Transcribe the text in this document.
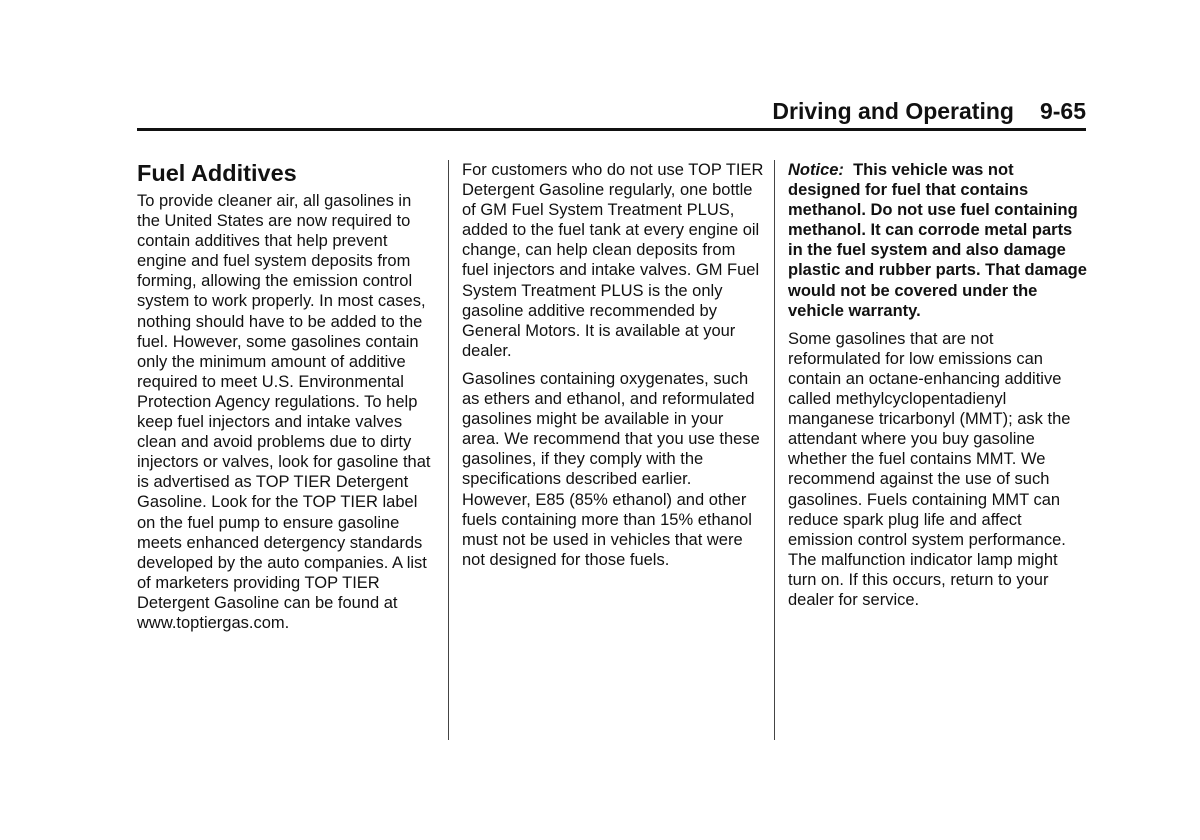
Driving and Operating 9-65
Fuel Additives

To provide cleaner air, all gasolines in the United States are now required to contain additives that help prevent engine and fuel system deposits from forming, allowing the emission control system to work properly. In most cases, nothing should have to be added to the fuel. However, some gasolines contain only the minimum amount of additive required to meet U.S. Environmental Protection Agency regulations. To help keep fuel injectors and intake valves clean and avoid problems due to dirty injectors or valves, look for gasoline that is advertised as TOP TIER Detergent Gasoline. Look for the TOP TIER label on the fuel pump to ensure gasoline meets enhanced detergency standards developed by the auto companies. A list of marketers providing TOP TIER Detergent Gasoline can be found at www.toptiergas.com.

For customers who do not use TOP TIER Detergent Gasoline regularly, one bottle of GM Fuel System Treatment PLUS, added to the fuel tank at every engine oil change, can help clean deposits from fuel injectors and intake valves. GM Fuel System Treatment PLUS is the only gasoline additive recommended by General Motors. It is available at your dealer.

Gasolines containing oxygenates, such as ethers and ethanol, and reformulated gasolines might be available in your area. We recommend that you use these gasolines, if they comply with the specifications described earlier. However, E85 (85% ethanol) and other fuels containing more than 15% ethanol must not be used in vehicles that were not designed for those fuels.

Notice: This vehicle was not designed for fuel that contains methanol. Do not use fuel containing methanol. It can corrode metal parts in the fuel system and also damage plastic and rubber parts. That damage would not be covered under the vehicle warranty.

Some gasolines that are not reformulated for low emissions can contain an octane-enhancing additive called methylcyclopentadienyl manganese tricarbonyl (MMT); ask the attendant where you buy gasoline whether the fuel contains MMT. We recommend against the use of such gasolines. Fuels containing MMT can reduce spark plug life and affect emission control system performance. The malfunction indicator lamp might turn on. If this occurs, return to your dealer for service.
